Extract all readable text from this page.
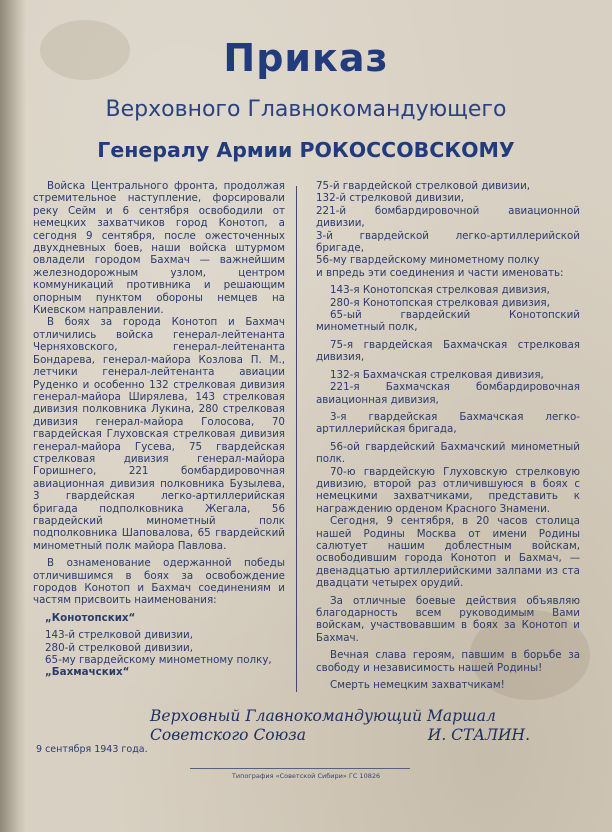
Приказ
Верховного Главнокомандующего
Генералу Армии РОКОССОВСКОМУ

Войска Центрального фронта, продолжая стремительное наступление, форсировали реку Сейм и 6 сентября освободили от немецких захватчиков город Конотоп, а сегодня 9 сентября, после ожесточенных двухдневных боев, наши войска штурмом овладели городом Бахмач — важнейшим железнодорожным узлом, центром коммуникаций противника и решающим опорным пунктом обороны немцев на Киевском направлении.

В боях за города Конотоп и Бахмач отличились войска генерал-лейтенанта Черняховского, генерал-лейтенанта Бондарева, генерал-майора Козлова П. М., летчики генерал-лейтенанта авиации Руденко и особенно 132 стрелковая дивизия генерал-майора Ширялева, 143 стрелковая дивизия полковника Лукина, 280 стрелковая дивизия генерал-майора Голосова, 70 гвардейская Глуховская стрелковая дивизия генерал-майора Гусева, 75 гвардейская стрелковая дивизия генерал-майора Горишнего, 221 бомбардировочная авиационная дивизия полковника Бузылева, 3 гвардейская легко-артиллерийская бригада подполковника Жегала, 56 гвардейский минометный полк подполковника Шаповалова, 65 гвардейский минометный полк майора Павлова.

В ознаменование одержанной победы отличившимся в боях за освобождение городов Конотоп и Бахмач соединениям и частям присвоить наименования:

„Конотопских“

143-й стрелковой дивизии,

280-й стрелковой дивизии,

65-му гвардейскому минометному полку,

„Бахмачских“

75-й гвардейской стрелковой дивизии,

132-й стрелковой дивизии,

221-й бомбардировочной авиационной дивизии,

3-й гвардейской легко-артиллерийской бригаде,

56-му гвардейскому минометному полку

и впредь эти соединения и части именовать:

143-я Конотопская стрелковая дивизия,

280-я Конотопская стрелковая дивизия,

65-ый гвардейский Конотопский минометный полк,

75-я гвардейская Бахмачская стрелковая дивизия,

132-я Бахмачская стрелковая дивизия,

221-я Бахмачская бомбардировочная авиационная дивизия,

3-я гвардейская Бахмачская легко-артиллерийская бригада,

56-ой гвардейский Бахмачский минометный полк.

70-ю гвардейскую Глуховскую стрелковую дивизию, второй раз отличившуюся в боях с немецкими захватчиками, представить к награждению орденом Красного Знамени.

Сегодня, 9 сентября, в 20 часов столица нашей Родины Москва от имени Родины салютует нашим доблестным войскам, освободившим города Конотоп и Бахмач, — двенадцатью артиллерийскими залпами из ста двадцати четырех орудий.

За отличные боевые действия объявляю благодарность всем руководимым Вами войскам, участвовавшим в боях за Конотоп и Бахмач.

Вечная слава героям, павшим в борьбе за свободу и независимость нашей Родины!

Смерть немецким захватчикам!

Верховный Главнокомандующий Маршал
Советского Союза	И. СТАЛИН.
9 сентября 1943 года.
Типография «Советской Сибири» ГС 10826
